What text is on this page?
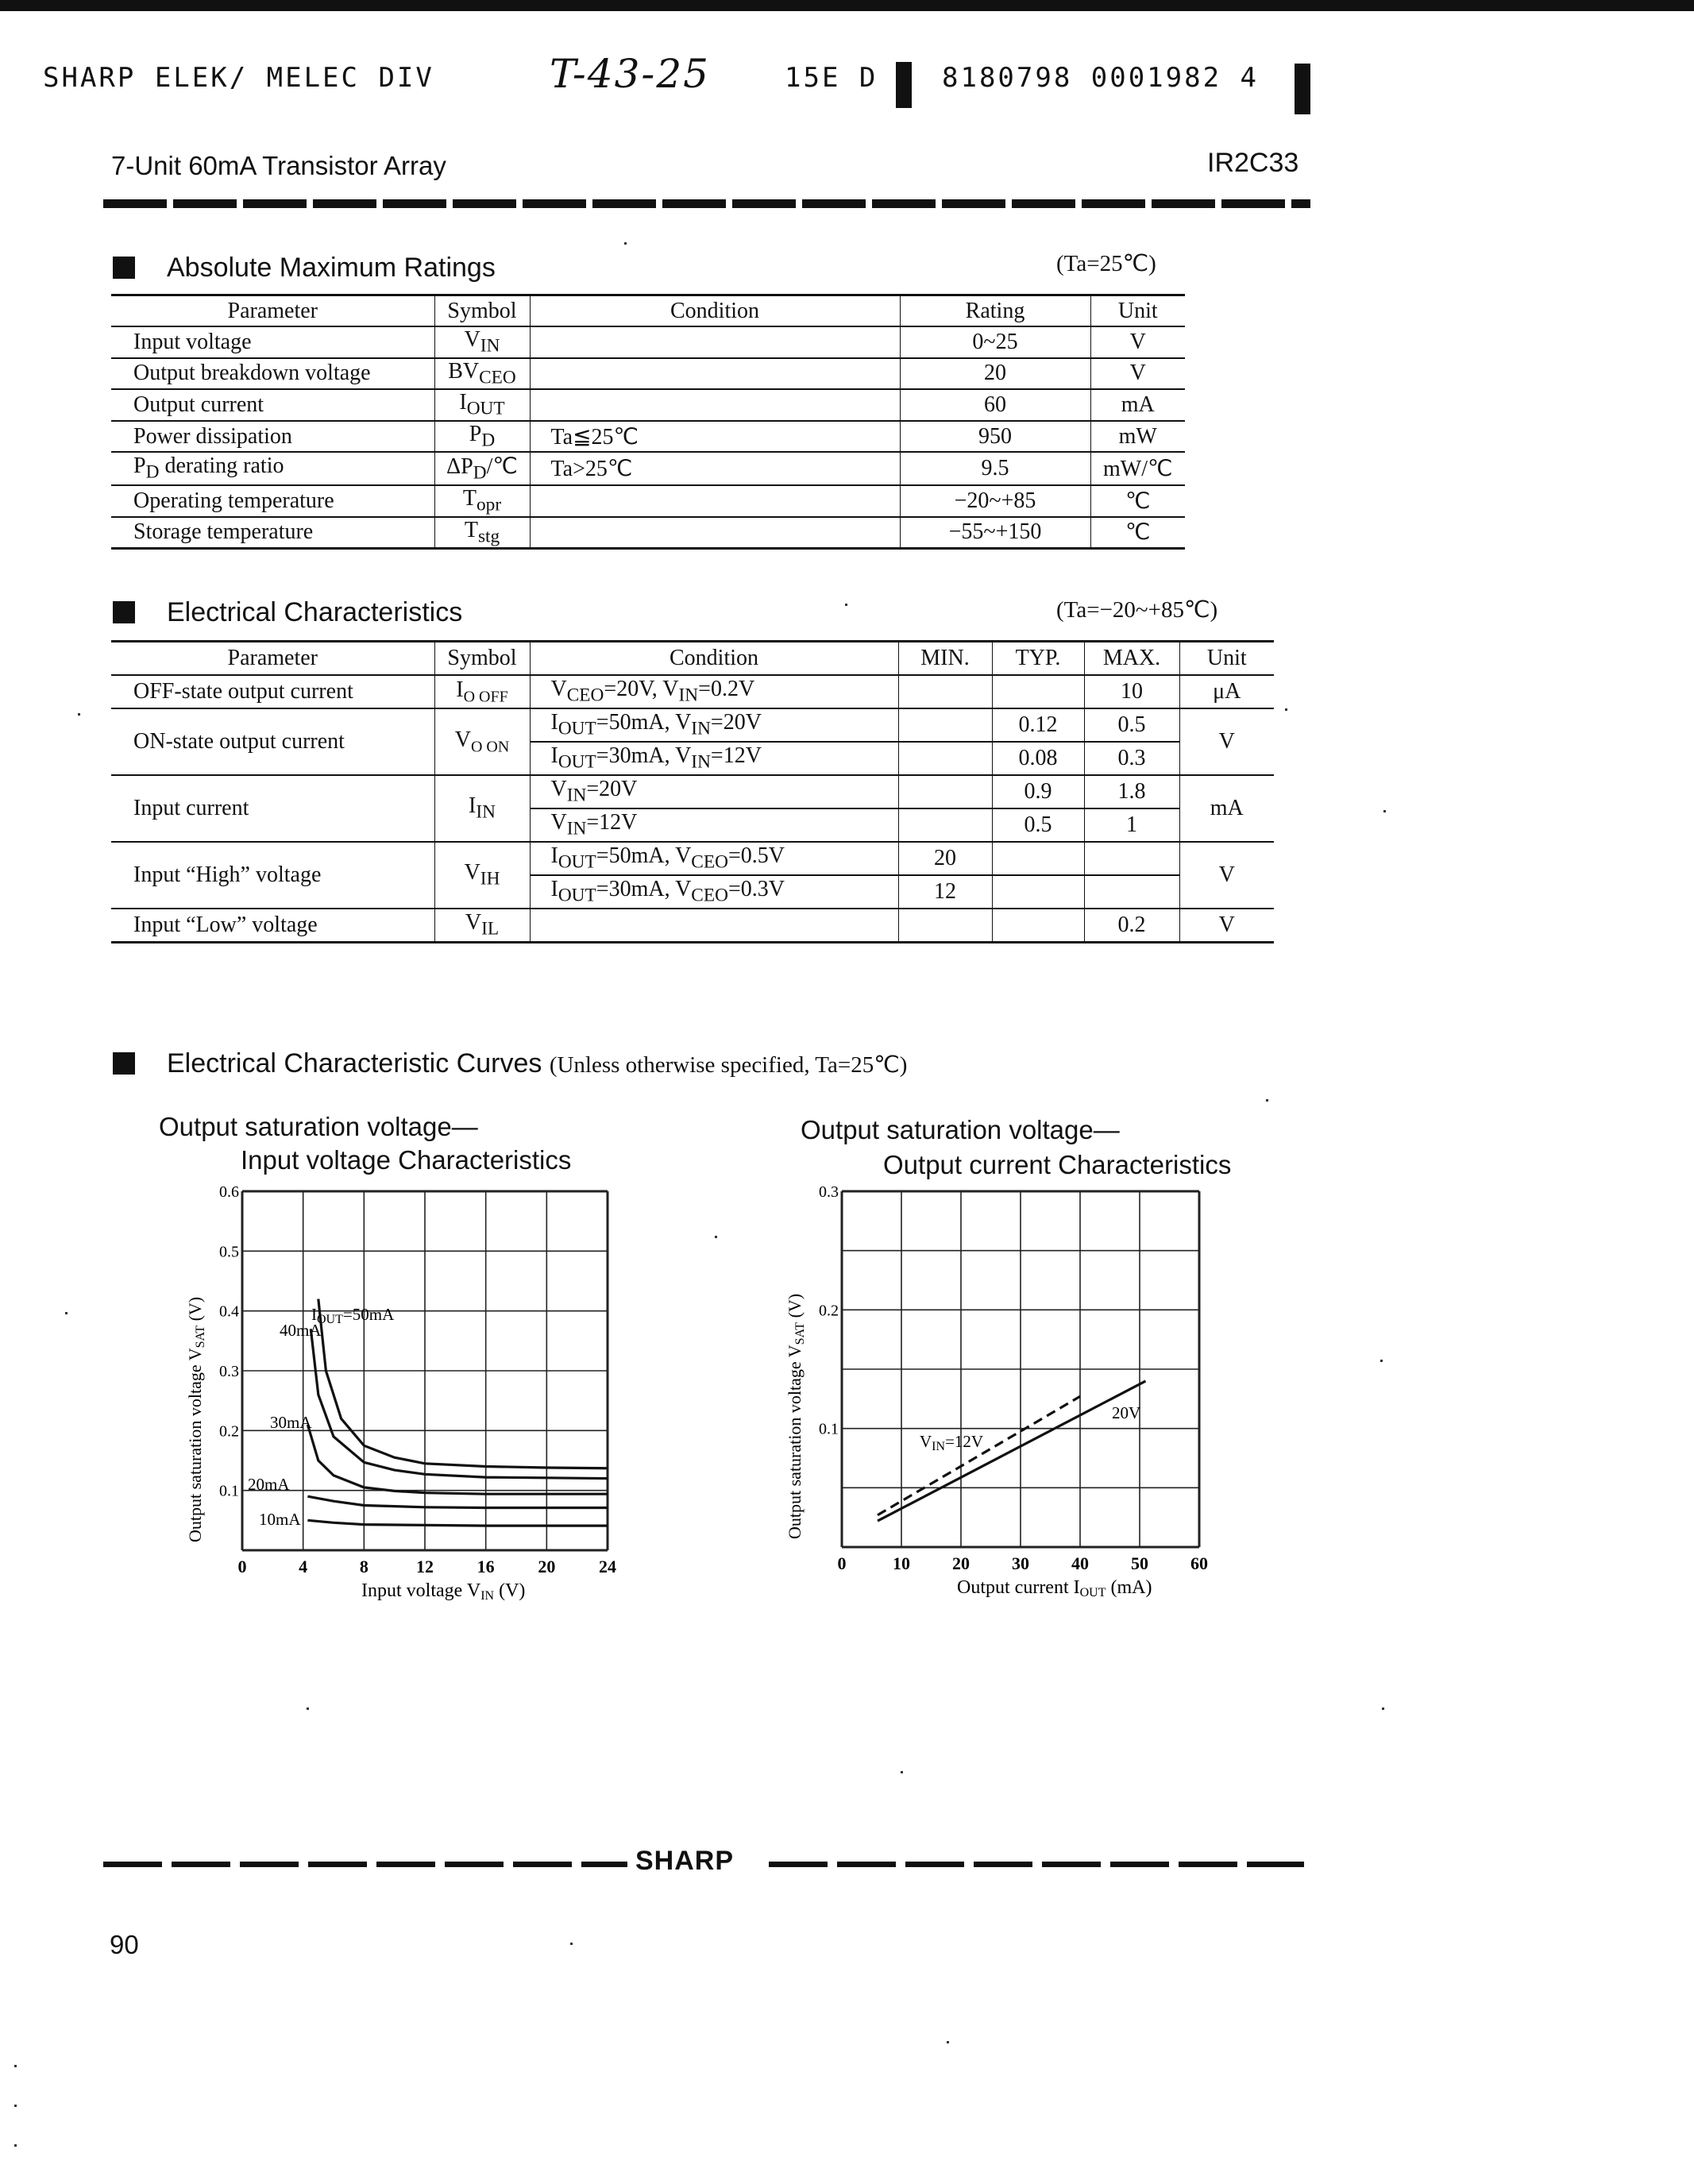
SHARP ELEK/ MELEC DIV	T-43-25	15E D 8180798 0001982 4
7-Unit 60mA Transistor Array	IR2C33
Absolute Maximum Ratings	(Ta=25℃)
Parameter	Symbol	Condition	Rating	Unit
Input voltage	$V_{IN}$		0~25	V
Output breakdown voltage	$BV_{CEO}$		20	V
Output current	$I_{OUT}$		60	mA
Power dissipation	$P_D$	Ta≦25℃	950	mW
$P_D$ derating ratio	$\Delta P_D/℃$	Ta>25℃	9.5	mW/℃
Operating temperature	$T_{opr}$		−20~+85	℃
Storage temperature	$T_{stg}$		−55~+150	℃
Electrical Characteristics	(Ta=−20~+85℃)
Parameter	Symbol	Condition	MIN.	TYP.	MAX.	Unit
OFF-state output current	$I_{O OFF}$	$V_{CEO}=20V$, $V_{IN}=0.2V$			10	μA
ON-state output current	$V_{O ON}$	$I_{OUT}=50mA$, $V_{IN}=20V$		0.12	0.5	V
		$I_{OUT}=30mA$, $V_{IN}=12V$		0.08	0.3	
Input current	$I_{IN}$	$V_{IN}=20V$		0.9	1.8	mA
		$V_{IN}=12V$		0.5	1	
Input “High” voltage	$V_{IH}$	$I_{OUT}=50mA$, $V_{CEO}=0.5V$	20			V
		$I_{OUT}=30mA$, $V_{CEO}=0.3V$	12			
Input “Low” voltage	$V_{IL}$				0.2	V
Electrical Characteristic Curves (Unless otherwise specified, Ta=25℃)
Output saturation voltage—
Input voltage Characteristics
Output saturation voltage—
Output current Characteristics
0	4	8	12 16 20 24
0.1
0.2
0.3
0.4
0.5
0.6
Input voltage VIN (V)
Output saturation voltage VSAT (V)	IOUT=50mA
40mA
30mA
20mA
10mA
0	10 20 30 40 50 60
0.1
0.2
0.3
Output current IOUT (mA)
Output saturation voltage VSAT (V)
VIN=12V
20V
SHARP
90
